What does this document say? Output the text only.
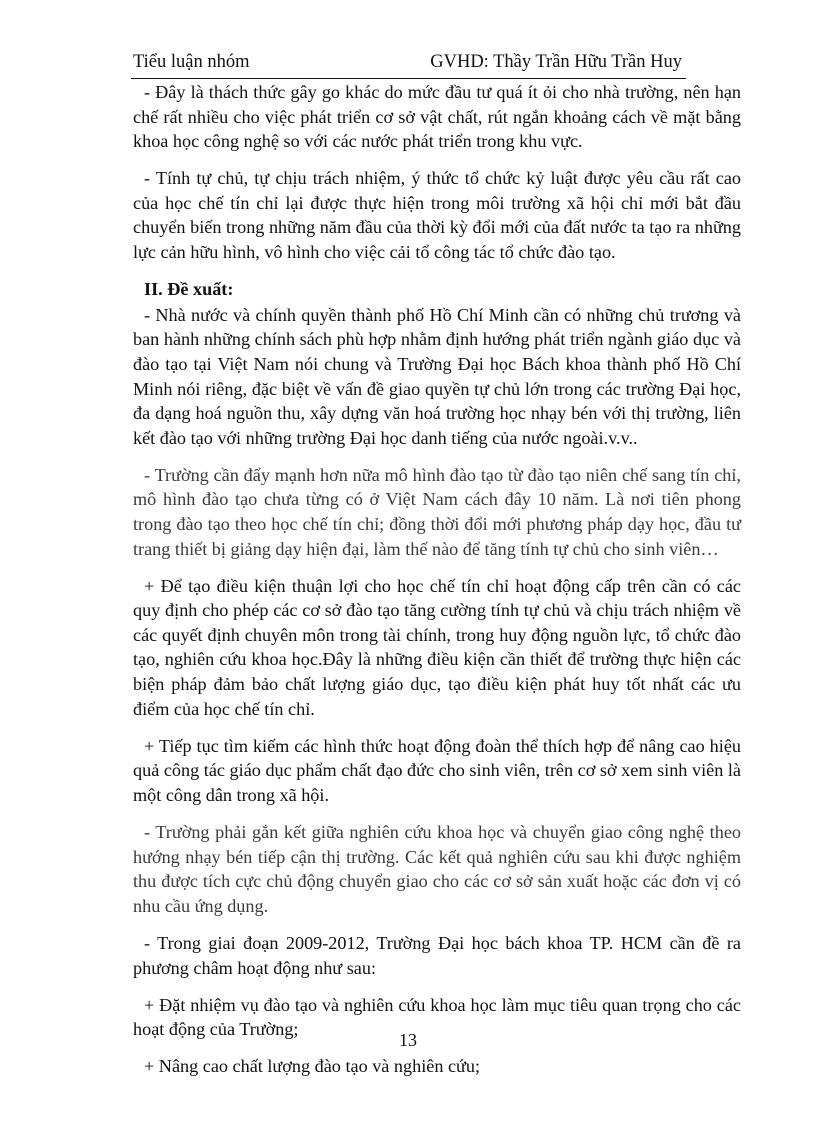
Tiểu luận nhóm	GVHD: Thầy Trần Hữu Trần Huy

- Đây là thách thức gây go khác do mức đầu tư quá ít ỏi cho nhà trường, nên hạn chế rất nhiều cho việc phát triển cơ sở vật chất, rút ngắn khoảng cách về mặt bằng khoa học công nghệ so với các nước phát triển trong khu vực.

- Tính tự chủ, tự chịu trách nhiệm, ý thức tổ chức kỷ luật được yêu cầu rất cao của học chế tín chỉ lại được thực hiện trong môi trường xã hội chỉ mới bắt đầu chuyển biến trong những năm đầu của thời kỳ đổi mới của đất nước ta tạo ra những lực cản hữu hình, vô hình cho việc cải tổ công tác tổ chức đào tạo.

II. Đề xuất:

- Nhà nước và chính quyền thành phố Hồ Chí Minh cần có những chủ trương và ban hành những chính sách phù hợp nhằm định hướng phát triển ngành giáo dục và đào tạo tại Việt Nam nói chung và Trường Đại học Bách khoa thành phố Hồ Chí Minh nói riêng, đặc biệt về vấn đề giao quyền tự chủ lớn trong các trường Đại học, đa dạng hoá nguồn thu, xây dựng văn hoá trường học nhạy bén với thị trường, liên kết đào tạo với những trường Đại học danh tiếng của nước ngoài.v.v..

- Trường cần đẩy mạnh hơn nữa mô hình đào tạo từ đào tạo niên chế sang tín chỉ, mô hình đào tạo chưa từng có ở Việt Nam cách đây 10 năm. Là nơi tiên phong trong đào tạo theo học chế tín chỉ; đồng thời đổi mới phương pháp dạy học, đầu tư trang thiết bị giảng dạy hiện đại, làm thế nào để tăng tính tự chủ cho sinh viên…

+ Để tạo điều kiện thuận lợi cho học chế tín chỉ hoạt động cấp trên cần có các quy định cho phép các cơ sở đào tạo tăng cường tính tự chủ và chịu trách nhiệm về các quyết định chuyên môn trong tài chính, trong huy động nguồn lực, tổ chức đào tạo, nghiên cứu khoa học.Đây là những điều kiện cần thiết để trường thực hiện các biện pháp đảm bảo chất lượng giáo dục, tạo điều kiện phát huy tốt nhất các ưu điểm của học chế tín chỉ.

+ Tiếp tục tìm kiếm các hình thức hoạt động đoàn thể thích hợp để nâng cao hiệu quả công tác giáo dục phẩm chất đạo đức cho sinh viên, trên cơ sở xem sinh viên là một công dân trong xã hội.

- Trường phải gắn kết giữa nghiên cứu khoa học và chuyển giao công nghệ theo hướng nhạy bén tiếp cận thị trường. Các kết quả nghiên cứu sau khi được nghiệm thu được tích cực chủ động chuyển giao cho các cơ sở sản xuất hoặc các đơn vị có nhu cầu ứng dụng.

- Trong giai đoạn 2009-2012, Trường Đại học bách khoa TP. HCM cần đề ra phương châm hoạt động như sau:

+ Đặt nhiệm vụ đào tạo và nghiên cứu khoa học làm mục tiêu quan trọng cho các hoạt động của Trường;

+ Nâng cao chất lượng đào tạo và nghiên cứu;

13
